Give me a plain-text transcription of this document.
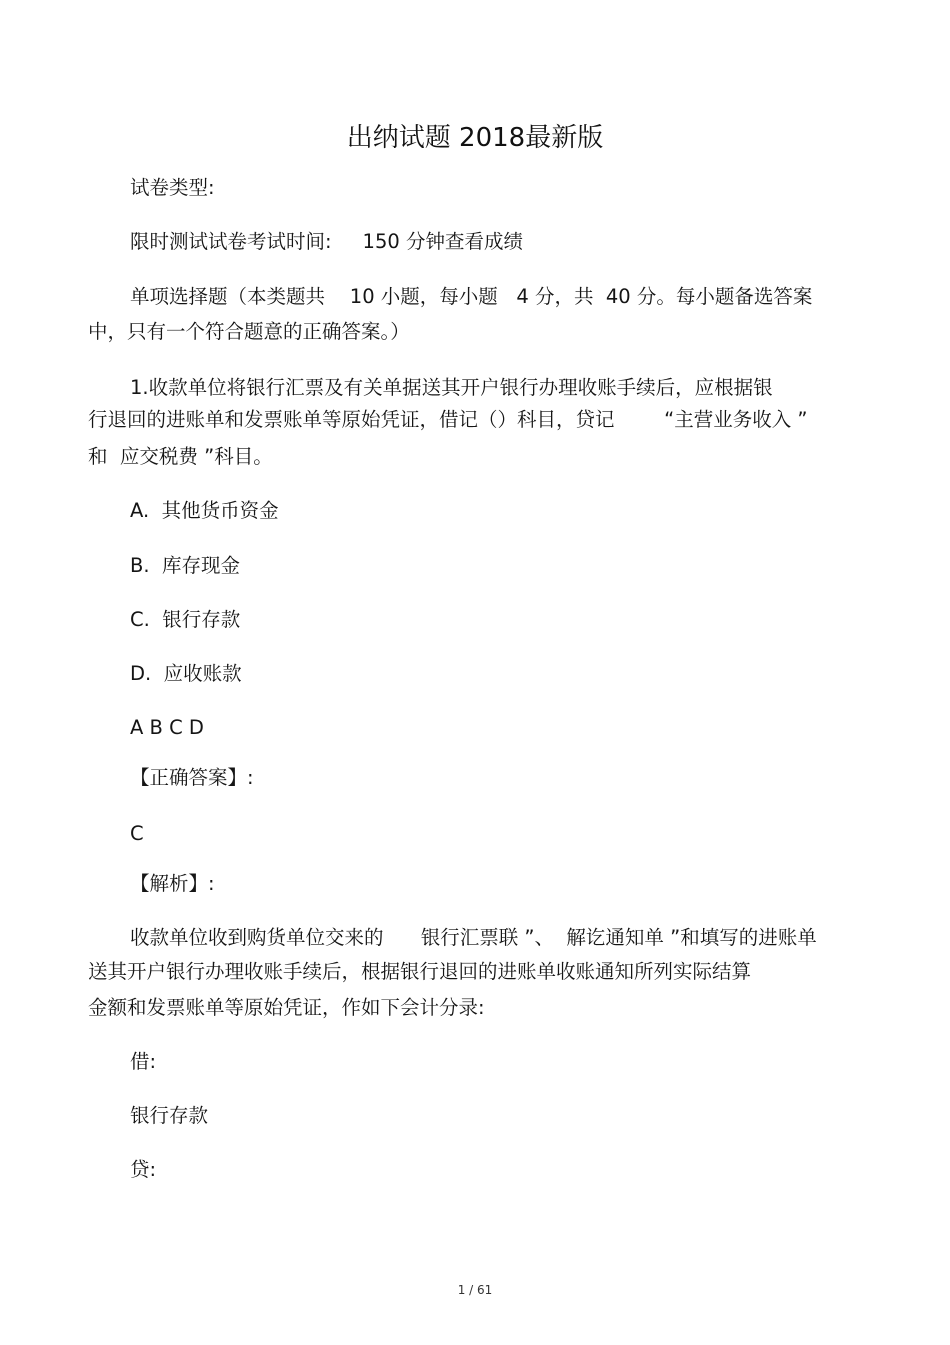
出纳试题 2018最新版
试卷类型:
限时测试试卷考试时间:     150 分钟查看成绩
单项选择题（本类题共    10 小题，每小题   4 分，共  40 分。每小题备选答案
中，只有一个符合题意的正确答案。）
1.收款单位将银行汇票及有关单据送其开户银行办理收账手续后，应根据银
行退回的进账单和发票账单等原始凭证，借记（）科目，贷记        “主营业务收入 ”
和  应交税费 ”科目。
A.  其他货币资金
B.  库存现金
C.  银行存款
D.  应收账款
A B C D
【正确答案】:
C
【解析】:
收款单位收到购货单位交来的      银行汇票联 ”、  解讫通知单 ”和填写的进账单
送其开户银行办理收账手续后，根据银行退回的进账单收账通知所列实际结算
金额和发票账单等原始凭证，作如下会计分录:
借:
银行存款
贷:
1 / 61
